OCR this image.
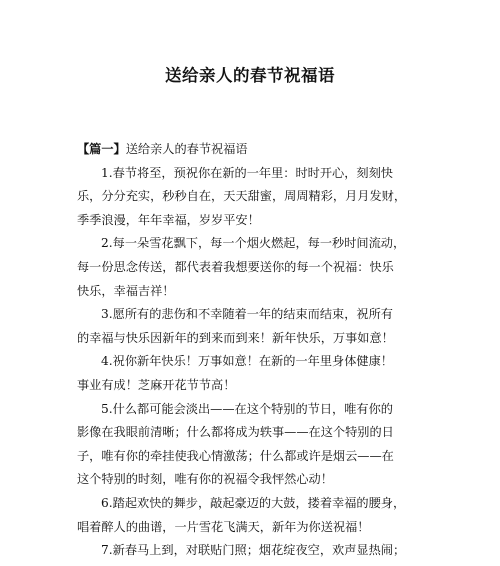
送给亲人的春节祝福语
【篇一】送给亲人的春节祝福语
1.春节将至，预祝你在新的一年里：时时开心，刻刻快
乐，分分充实，秒秒自在，天天甜蜜，周周精彩，月月发财，
季季浪漫，年年幸福，岁岁平安！
2.每一朵雪花飘下，每一个烟火燃起，每一秒时间流动，
每一份思念传送，都代表着我想要送你的每一个祝福：快乐
快乐，幸福吉祥！
3.愿所有的悲伤和不幸随着一年的结束而结束，祝所有
的幸福与快乐因新年的到来而到来！新年快乐，万事如意！
4.祝你新年快乐！万事如意！在新的一年里身体健康！
事业有成！芝麻开花节节高！
5.什么都可能会淡出——在这个特别的节日，唯有你的
影像在我眼前清晰；什么都将成为轶事——在这个特别的日
子，唯有你的牵挂使我心情激荡；什么都或许是烟云——在
这个特别的时刻，唯有你的祝福令我怦然心动！
6.踏起欢快的舞步，敲起豪迈的大鼓，搂着幸福的腰身，
唱着醉人的曲谱，一片雪花飞满天，新年为你送祝福！
7.新春马上到，对联贴门照；烟花绽夜空，欢声显热闹；
